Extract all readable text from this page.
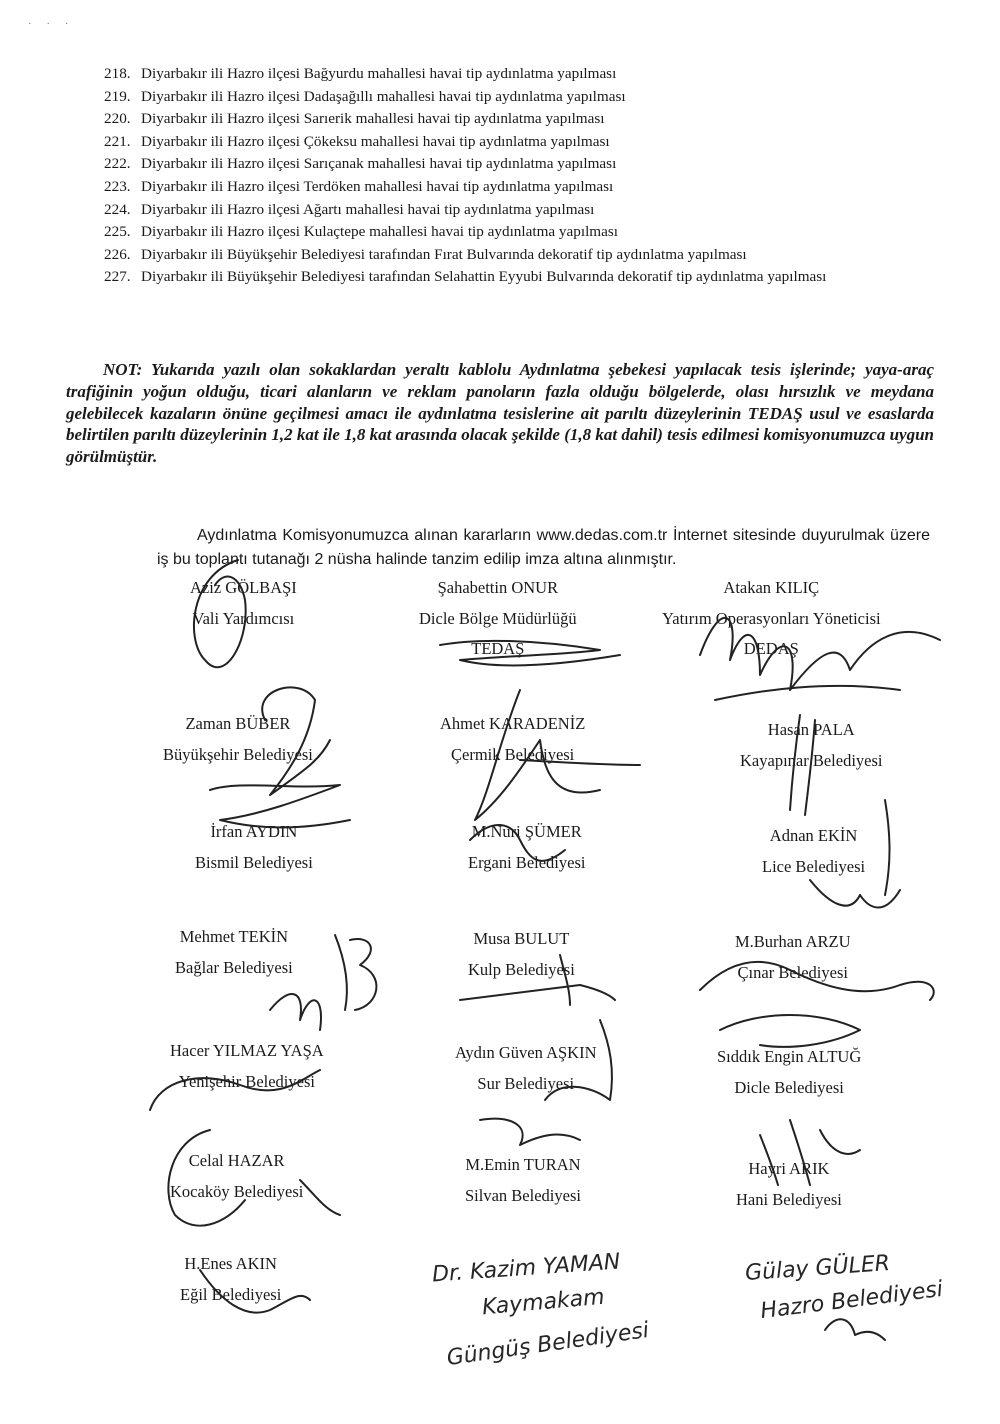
· · ·
218. Diyarbakır ili Hazro ilçesi Bağyurdu mahallesi havai tip aydınlatma yapılması
219. Diyarbakır ili Hazro ilçesi Dadaşağıllı mahallesi havai tip aydınlatma yapılması
220. Diyarbakır ili Hazro ilçesi Sarıerik mahallesi havai tip aydınlatma yapılması
221. Diyarbakır ili Hazro ilçesi Çökeksu mahallesi havai tip aydınlatma yapılması
222. Diyarbakır ili Hazro ilçesi Sarıçanak mahallesi havai tip aydınlatma yapılması
223. Diyarbakır ili Hazro ilçesi Terdöken mahallesi havai tip aydınlatma yapılması
224. Diyarbakır ili Hazro ilçesi Ağartı mahallesi havai tip aydınlatma yapılması
225. Diyarbakır ili Hazro ilçesi Kulaçtepe mahallesi havai tip aydınlatma yapılması
226. Diyarbakır ili Büyükşehir Belediyesi tarafından Fırat Bulvarında dekoratif tip aydınlatma yapılması
227. Diyarbakır ili Büyükşehir Belediyesi tarafından Selahattin Eyyubi Bulvarında dekoratif tip aydınlatma yapılması

NOT: Yukarıda yazılı olan sokaklardan yeraltı kablolu Aydınlatma şebekesi yapılacak tesis işlerinde; yaya-araç trafiğinin yoğun olduğu, ticari alanların ve reklam panoların fazla olduğu bölgelerde, olası hırsızlık ve meydana gelebilecek kazaların önüne geçilmesi amacı ile aydınlatma tesislerine ait parıltı düzeylerinin TEDAŞ usul ve esaslarda belirtilen parıltı düzeylerinin 1,2 kat ile 1,8 kat arasında olacak şekilde (1,8 kat dahil) tesis edilmesi komisyonumuzca uygun görülmüştür.

Aydınlatma Komisyonumuzca alınan kararların www.dedas.com.tr İnternet sitesinde duyurulmak üzere iş bu toplantı tutanağı 2 nüsha halinde tanzim edilip imza altına alınmıştır.

Aziz GÖLBAŞI
Vali Yardımcısı
Şahabettin ONUR
Dicle Bölge Müdürlüğü
TEDAŞ
Atakan KILIÇ
Yatırım Operasyonları Yöneticisi
DEDAŞ
Zaman BÜBER
Büyükşehir Belediyesi
Ahmet KARADENİZ
Çermik Belediyesi
Hasan PALA
Kayapınar Belediyesi
İrfan AYDIN
Bismil Belediyesi
M.Nuri ŞÜMER
Ergani Belediyesi
Adnan EKİN
Lice Belediyesi
Mehmet TEKİN
Bağlar Belediyesi
Musa BULUT
Kulp Belediyesi
M.Burhan ARZU
Çınar Belediyesi
Hacer YILMAZ YAŞA
Yenişehir Belediyesi
Aydın Güven AŞKIN
Sur Belediyesi
Sıddık Engin ALTUĞ
Dicle Belediyesi
Celal HAZAR
Kocaköy Belediyesi
M.Emin TURAN
Silvan Belediyesi
Hayri ARIK
Hani Belediyesi
H.Enes AKIN
Eğil Belediyesi
Dr. Kazim YAMAN
Kaymakam
Güngüş Belediyesi
Gülay GÜLER
Hazro Belediyesi
